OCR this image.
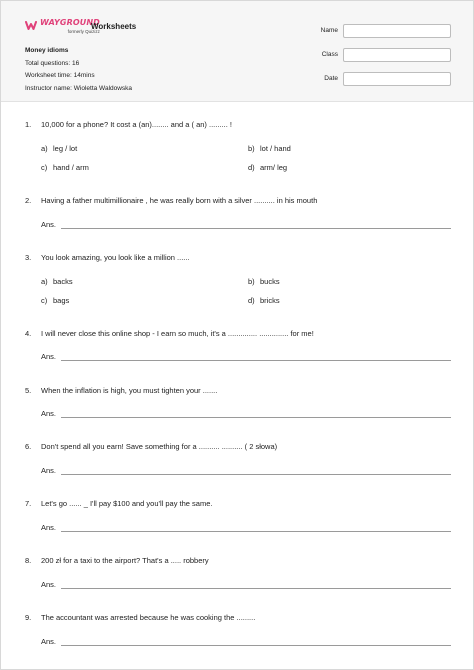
WAYGROUND
formerly Quizizz
Worksheets
Money idioms
Total questions: 16
Worksheet time: 14mins
Instructor name: Wioletta Waldowska
Name
Class
Date
1.	10,000 for a phone? It cost a (an)........ and a ( an) ......... !
a) leg / lot	b) lot / hand
c) hand / arm	d) arm/ leg
2.	Having a father multimillionaire , he was really born with a silver .......... in his mouth
Ans.
3.	You look amazing, you look like a million ......
a) backs	b) bucks
c) bags	d) bricks
4.	I will never close this online shop - I earn so much, it's a .............. .............. for me!
Ans.
5.	When the inflation is high, you must tighten your .......
Ans.
6.	Don't spend all you earn! Save something for a .......... .......... ( 2 słowa)
Ans.
7.	Let's go ...... _ I'll pay $100 and you'll pay the same.
Ans.
8.	200 zł for a taxi to the airport? That's a ..... robbery
Ans.
9.	The accountant was arrested because he was cooking the .........
Ans.
